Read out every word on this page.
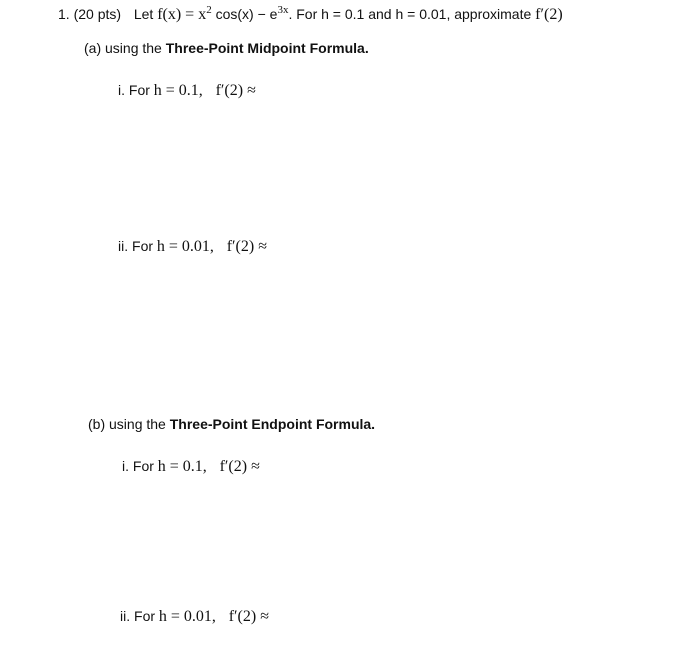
1. (20 pts) Let $f(x) = x^2$ $\cos(x) - e^{3x}$. For h = 0.1 and h = 0.01, approximate f′(2)
(a) using the Three-Point Midpoint Formula.
i. For h = 0.1, f′(2) ≈
ii. For h = 0.01, f′(2) ≈
(b) using the Three-Point Endpoint Formula.
i. For h = 0.1, f′(2) ≈
ii. For h = 0.01, f′(2) ≈
